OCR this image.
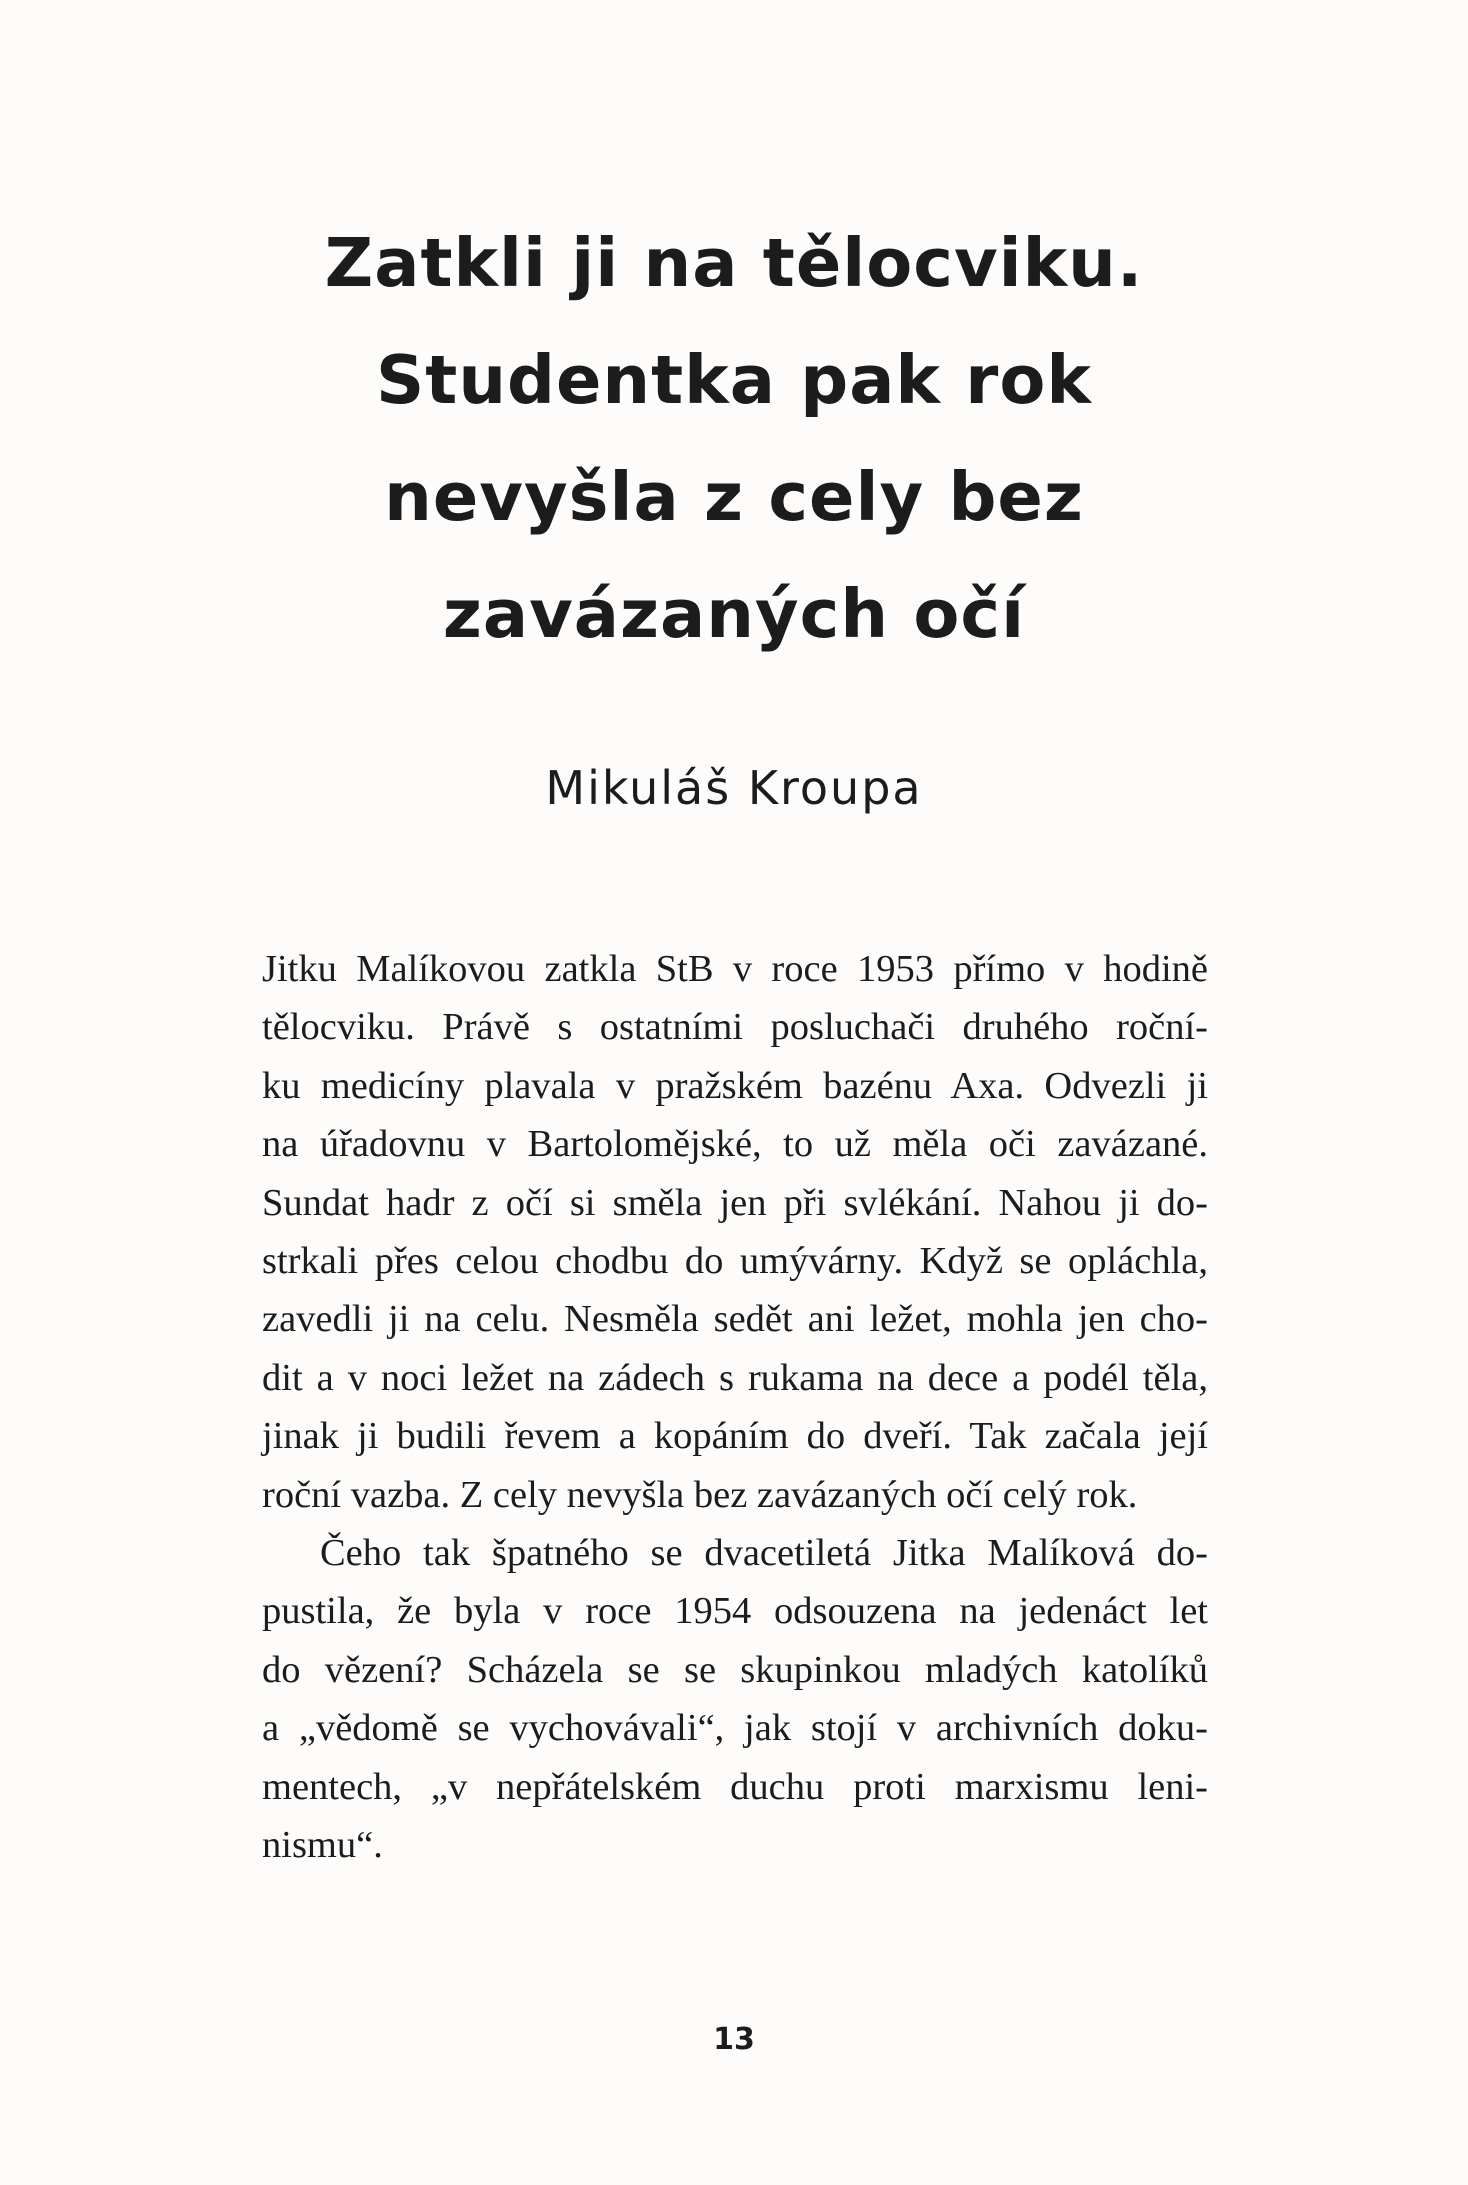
Zatkli ji na tělocviku.
Studentka pak rok
nevyšla z cely bez
zavázaných očí
Mikuláš Kroupa

Jitku Malíkovou zatkla StB v roce 1953 přímo v hodině
tělocviku. Právě s ostatními posluchači druhého roční-
ku medicíny plavala v pražském bazénu Axa. Odvezli ji
na úřadovnu v Bartolomějské, to už měla oči zavázané.
Sundat hadr z očí si směla jen při svlékání. Nahou ji do-
strkali přes celou chodbu do umývárny. Když se opláchla,
zavedli ji na celu. Nesměla sedět ani ležet, mohla jen cho-
dit a v noci ležet na zádech s rukama na dece a podél těla,
jinak ji budili řevem a kopáním do dveří. Tak začala její
roční vazba. Z cely nevyšla bez zavázaných očí celý rok.

Čeho tak špatného se dvacetiletá Jitka Malíková do-
pustila, že byla v roce 1954 odsouzena na jedenáct let
do vězení? Scházela se se skupinkou mladých katolíků
a „vědomě se vychovávali“, jak stojí v archivních doku-
mentech, „v nepřátelském duchu proti marxismu leni-
nismu“.

13
